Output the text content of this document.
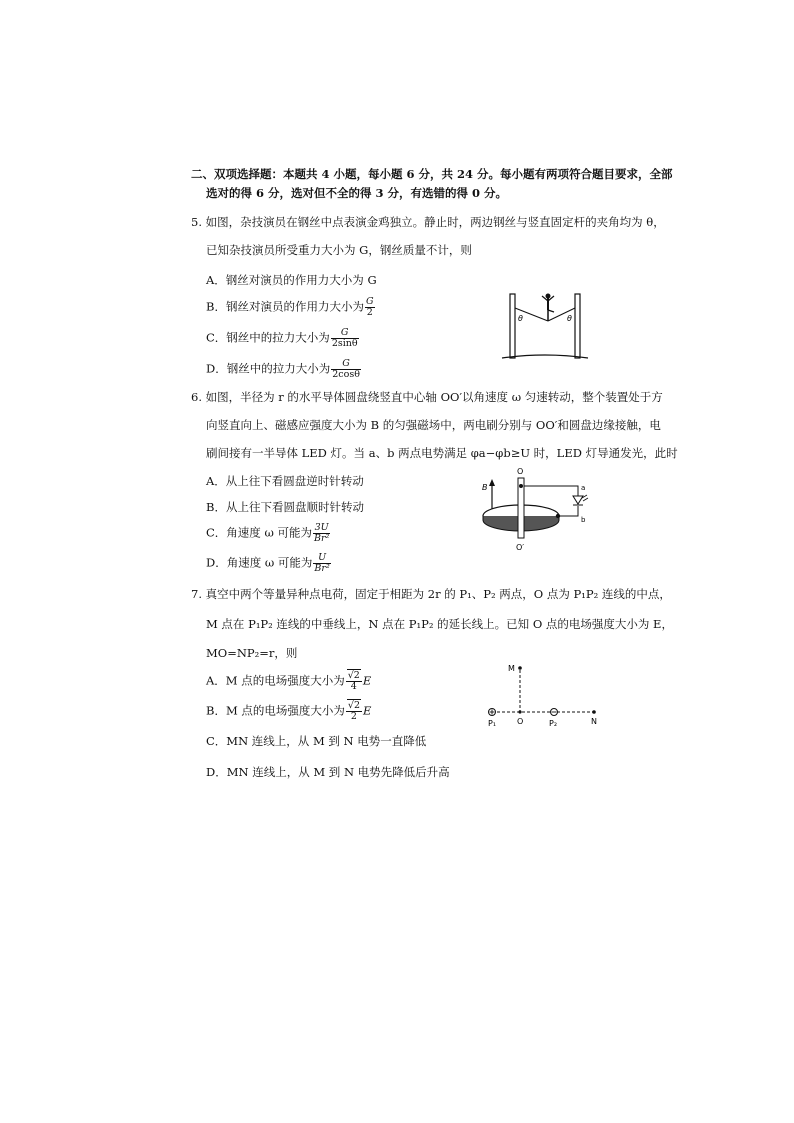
二、双项选择题：本题共 4 小题，每小题 6 分，共 24 分。每小题有两项符合题目要求，全部
选对的得 6 分，选对但不全的得 3 分，有选错的得 0 分。
5. 如图，杂技演员在钢丝中点表演金鸡独立。静止时，两边钢丝与竖直固定杆的夹角均为 θ，
已知杂技演员所受重力大小为 G，钢丝质量不计，则
A．钢丝对演员的作用力大小为 G
B．钢丝对演员的作用力大小为 $\frac{G}{2}$
C．钢丝中的拉力大小为 $\frac{G}{2\sin\theta}$
D．钢丝中的拉力大小为 $\frac{G}{2\cos\theta}$
θ	θ
6. 如图，半径为 r 的水平导体圆盘绕竖直中心轴 OO′以角速度 ω 匀速转动，整个装置处于方
向竖直向上、磁感应强度大小为 B 的匀强磁场中，两电刷分别与 OO′和圆盘边缘接触，电
刷间接有一半导体 LED 灯。当 a、b 两点电势满足 φa−φb≥U 时，LED 灯导通发光，此时
A．从上往下看圆盘逆时针转动
B．从上往下看圆盘顺时针转动
C．角速度 ω 可能为 $\frac{3U}{\text{Br²}}$
D．角速度 ω 可能为 $\frac{U}{\text{Br²}}$
O
O′
B	a
b
7. 真空中两个等量异种点电荷，固定于相距为 2r 的 P₁、P₂ 两点，O 点为 P₁P₂ 连线的中点，
M 点在 P₁P₂ 连线的中垂线上，N 点在 P₁P₂ 的延长线上。已知 O 点的电场强度大小为 E，
MO=NP₂=r，则
A．M 点的电场强度大小为 $\frac{√2}{4}$ E
B．M 点的电场强度大小为 $\frac{√2}{2}$ E
C．MN 连线上，从 M 到 N 电势一直降低
D．MN 连线上，从 M 到 N 电势先降低后升高
M
P₁	O	P₂	N
